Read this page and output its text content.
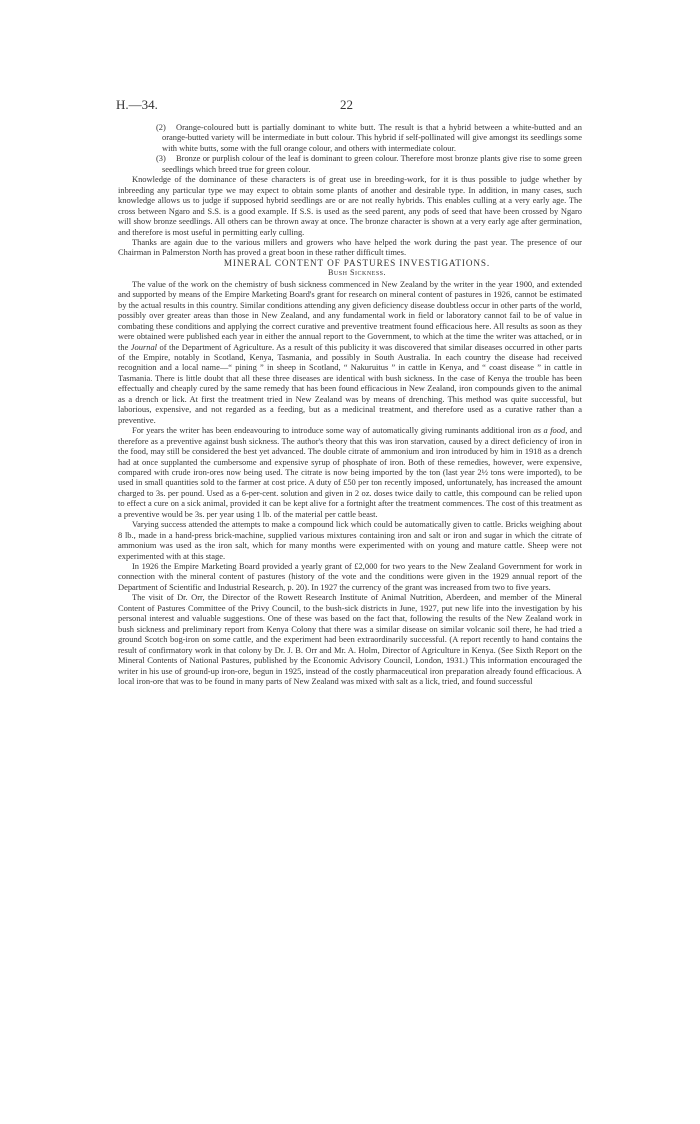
H.—34.	22

(2)	Orange-coloured butt is partially dominant to white butt. The result is that a hybrid between a white-butted and an orange-butted variety will be intermediate in butt colour. This hybrid if self-pollinated will give amongst its seedlings some with white butts, some with the full orange colour, and others with intermediate colour.

(3)	Bronze or purplish colour of the leaf is dominant to green colour. Therefore most bronze plants give rise to some green seedlings which breed true for green colour.

Knowledge of the dominance of these characters is of great use in breeding-work, for it is thus possible to judge whether by inbreeding any particular type we may expect to obtain some plants of another and desirable type. In addition, in many cases, such knowledge allows us to judge if supposed hybrid seedlings are or are not really hybrids. This enables culling at a very early age. The cross between Ngaro and S.S. is a good example. If S.S. is used as the seed parent, any pods of seed that have been crossed by Ngaro will show bronze seedlings. All others can be thrown away at once. The bronze character is shown at a very early age after germination, and therefore is most useful in permitting early culling.

Thanks are again due to the various millers and growers who have helped the work during the past year. The presence of our Chairman in Palmerston North has proved a great boon in these rather difficult times.

MINERAL CONTENT OF PASTURES INVESTIGATIONS.

Bush Sickness.

The value of the work on the chemistry of bush sickness commenced in New Zealand by the writer in the year 1900, and extended and supported by means of the Empire Marketing Board's grant for research on mineral content of pastures in 1926, cannot be estimated by the actual results in this country. Similar conditions attending any given deficiency disease doubtless occur in other parts of the world, possibly over greater areas than those in New Zealand, and any fundamental work in field or laboratory cannot fail to be of value in combating these conditions and applying the correct curative and preventive treatment found efficacious here. All results as soon as they were obtained were published each year in either the annual report to the Government, to which at the time the writer was attached, or in the Journal of the Department of Agriculture. As a result of this publicity it was discovered that similar diseases occurred in other parts of the Empire, notably in Scotland, Kenya, Tasmania, and possibly in South Australia. In each country the disease had received recognition and a local name—“ pining ” in sheep in Scotland, “ Nakuruitus ” in cattle in Kenya, and “ coast disease ” in cattle in Tasmania. There is little doubt that all these three diseases are identical with bush sickness. In the case of Kenya the trouble has been effectually and cheaply cured by the same remedy that has been found efficacious in New Zealand, iron compounds given to the animal as a drench or lick. At first the treatment tried in New Zealand was by means of drenching. This method was quite successful, but laborious, expensive, and not regarded as a feeding, but as a medicinal treatment, and therefore used as a curative rather than a preventive.

For years the writer has been endeavouring to introduce some way of automatically giving ruminants additional iron as a food, and therefore as a preventive against bush sickness. The author's theory that this was iron starvation, caused by a direct deficiency of iron in the food, may still be considered the best yet advanced. The double citrate of ammonium and iron introduced by him in 1918 as a drench had at once supplanted the cumbersome and expensive syrup of phosphate of iron. Both of these remedies, however, were expensive, compared with crude iron-ores now being used. The citrate is now being imported by the ton (last year 2½ tons were imported), to be used in small quantities sold to the farmer at cost price. A duty of £50 per ton recently imposed, unfortunately, has increased the amount charged to 3s. per pound. Used as a 6-per-cent. solution and given in 2 oz. doses twice daily to cattle, this compound can be relied upon to effect a cure on a sick animal, provided it can be kept alive for a fortnight after the treatment commences. The cost of this treatment as a preventive would be 3s. per year using 1 lb. of the material per cattle beast.

Varying success attended the attempts to make a compound lick which could be automatically given to cattle. Bricks weighing about 8 lb., made in a hand-press brick-machine, supplied various mixtures containing iron and salt or iron and sugar in which the citrate of ammonium was used as the iron salt, which for many months were experimented with on young and mature cattle. Sheep were not experimented with at this stage.

In 1926 the Empire Marketing Board provided a yearly grant of £2,000 for two years to the New Zealand Government for work in connection with the mineral content of pastures (history of the vote and the conditions were given in the 1929 annual report of the Department of Scientific and Industrial Research, p. 20). In 1927 the currency of the grant was increased from two to five years.

The visit of Dr. Orr, the Director of the Rowett Research Institute of Animal Nutrition, Aberdeen, and member of the Mineral Content of Pastures Committee of the Privy Council, to the bush-sick districts in June, 1927, put new life into the investigation by his personal interest and valuable suggestions. One of these was based on the fact that, following the results of the New Zealand work in bush sickness and preliminary report from Kenya Colony that there was a similar disease on similar volcanic soil there, he had tried a ground Scotch bog-iron on some cattle, and the experiment had been extraordinarily successful. (A report recently to hand contains the result of confirmatory work in that colony by Dr. J. B. Orr and Mr. A. Holm, Director of Agriculture in Kenya. (See Sixth Report on the Mineral Contents of National Pastures, published by the Economic Advisory Council, London, 1931.) This information encouraged the writer in his use of ground-up iron-ore, begun in 1925, instead of the costly pharmaceutical iron preparation already found efficacious. A local iron-ore that was to be found in many parts of New Zealand was mixed with salt as a lick, tried, and found successful
